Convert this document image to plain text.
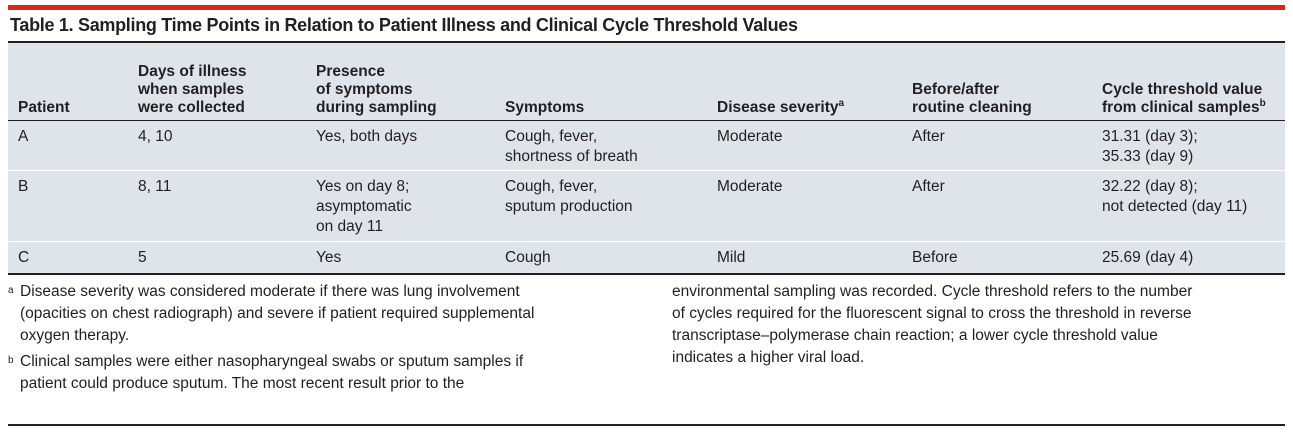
Table 1. Sampling Time Points in Relation to Patient Illness and Clinical Cycle Threshold Values
Patient	Days of illness
when samples
were collected	Presence
of symptoms
during sampling	Symptoms	Disease severity$^a$	Before/after
routine cleaning	Cycle threshold value
from clinical samples$^b$

A	4, 10	Yes, both days	Cough, fever,
shortness of breath	Moderate	After	31.31 (day 3);
35.33 (day 9)

B	8, 11	Yes on day 8;
asymptomatic
on day 11	Cough, fever,
sputum production	Moderate	After	32.22 (day 8);
not detected (day 11)

C	5	Yes	Cough	Mild	Before	25.69 (day 4)
a Disease severity was considered moderate if there was lung involvement
(opacities on chest radiograph) and severe if patient required supplemental
oxygen therapy.
b Clinical samples were either nasopharyngeal swabs or sputum samples if
patient could produce sputum. The most recent result prior to the
environmental sampling was recorded. Cycle threshold refers to the number
of cycles required for the fluorescent signal to cross the threshold in reverse
transcriptase–polymerase chain reaction; a lower cycle threshold value
indicates a higher viral load.
